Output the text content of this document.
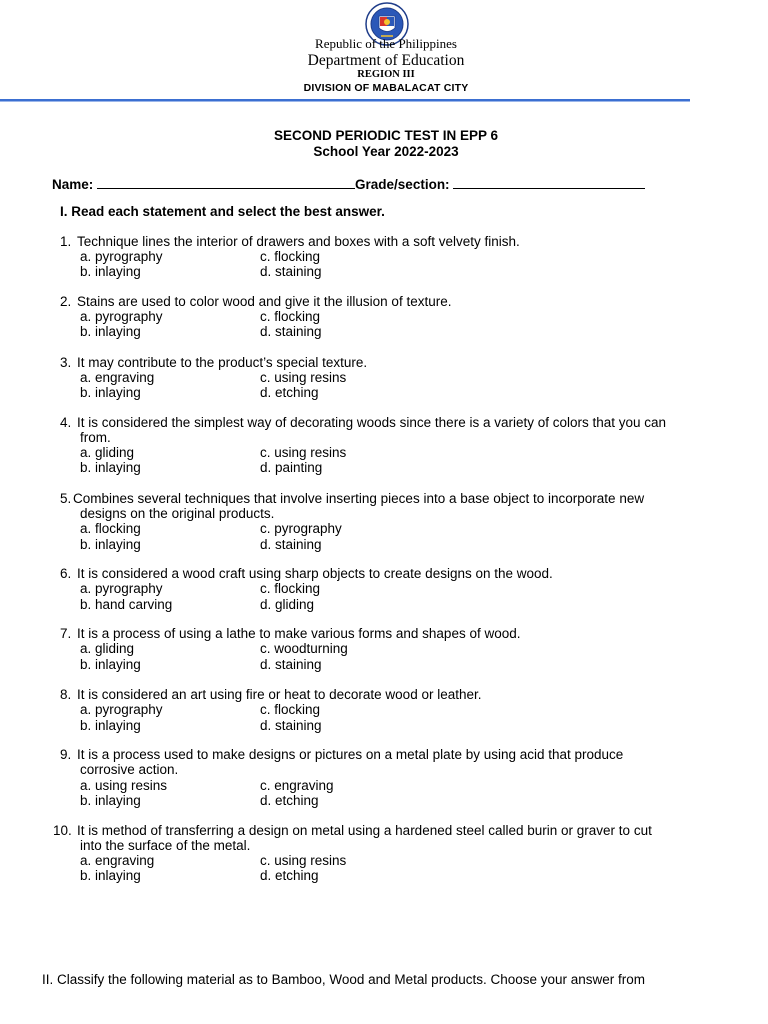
Republic of the Philippines
Department of Education
REGION III
DIVISION OF MABALACAT CITY
SECOND PERIODIC TEST IN EPP 6
School Year 2022-2023
Name:	Grade/section:
I. Read each statement and select the best answer.
1. Technique lines the interior of drawers and boxes with a soft velvety finish.
a. pyrography	c. flocking
b. inlaying	d. staining
2. Stains are used to color wood and give it the illusion of texture.
a. pyrography	c. flocking
b. inlaying	d. staining
3. It may contribute to the product’s special texture.
a. engraving	c. using resins
b. inlaying	d. etching
4. It is considered the simplest way of decorating woods since there is a variety of colors that you can
from.
a. gliding	c. using resins
b. inlaying	d. painting
5. Combines several techniques that involve inserting pieces into a base object to incorporate new
designs on the original products.
a. flocking	c. pyrography
b. inlaying	d. staining
6. It is considered a wood craft using sharp objects to create designs on the wood.
a. pyrography	c. flocking
b. hand carving	d. gliding
7. It is a process of using a lathe to make various forms and shapes of wood.
a. gliding	c. woodturning
b. inlaying	d. staining
8. It is considered an art using fire or heat to decorate wood or leather.
a. pyrography	c. flocking
b. inlaying	d. staining
9. It is a process used to make designs or pictures on a metal plate by using acid that produce
corrosive action.
a. using resins	c. engraving
b. inlaying	d. etching
10. It is method of transferring a design on metal using a hardened steel called burin or graver to cut
into the surface of the metal.
a. engraving	c. using resins
b. inlaying	d. etching
II. Classify the following material as to Bamboo, Wood and Metal products. Choose your answer from
